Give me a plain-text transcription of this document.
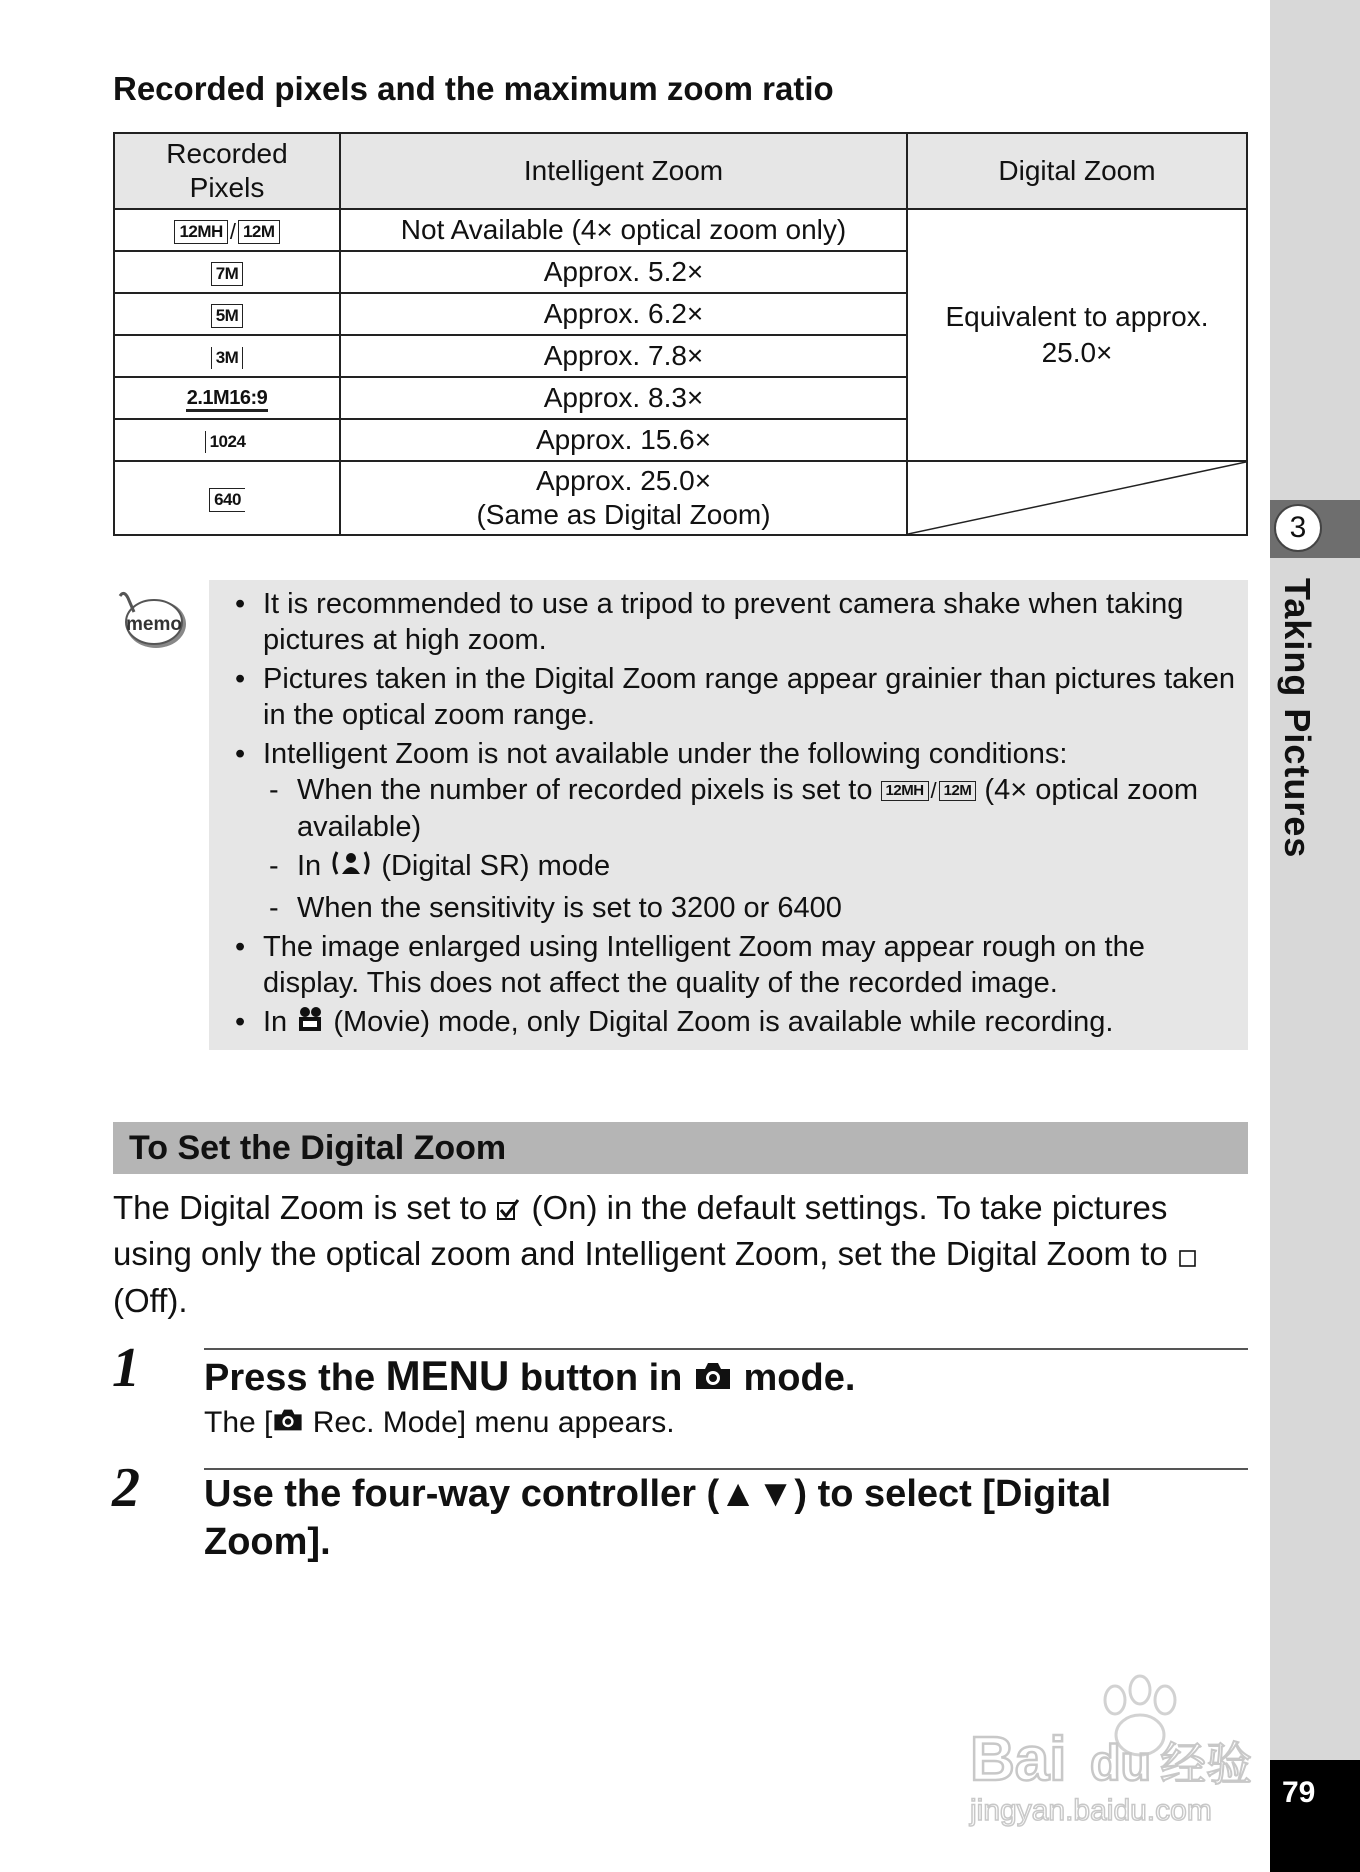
Recorded pixels and the maximum zoom ratio
Recorded
Pixels	Intelligent Zoom	Digital Zoom
12MH / 12M	Not Available (4× optical zoom only)	Equivalent to approx.
25.0×
7M	Approx. 5.2×	
5M	Approx. 6.2×	
3M	Approx. 7.8×	
2.1M16:9	Approx. 8.3×	
1024	Approx. 15.6×	
640	Approx. 25.0×
(Same as Digital Zoom)	
memo
• It is recommended to use a tripod to prevent camera shake when taking pictures at high zoom.
• Pictures taken in the Digital Zoom range appear grainier than pictures taken in the optical zoom range.
• Intelligent Zoom is not available under the following conditions:
- When the number of recorded pixels is set to 12MH / 12M (4× optical zoom available)
- In (Digital SR) mode
- When the sensitivity is set to 3200 or 6400
• The image enlarged using Intelligent Zoom may appear rough on the display. This does not affect the quality of the recorded image.
• In (Movie) mode, only Digital Zoom is available while recording.
To Set the Digital Zoom
The Digital Zoom is set to (On) in the default settings. To take pictures using only the optical zoom and Intelligent Zoom, set the Digital Zoom to  (Off).
1 Press the MENU button in mode.
The [ Rec. Mode] menu appears.
2 Use the four-way controller (▲▼) to select [Digital Zoom].
3
Taking Pictures
79
Bai du 经验
jingyan.baidu.com
